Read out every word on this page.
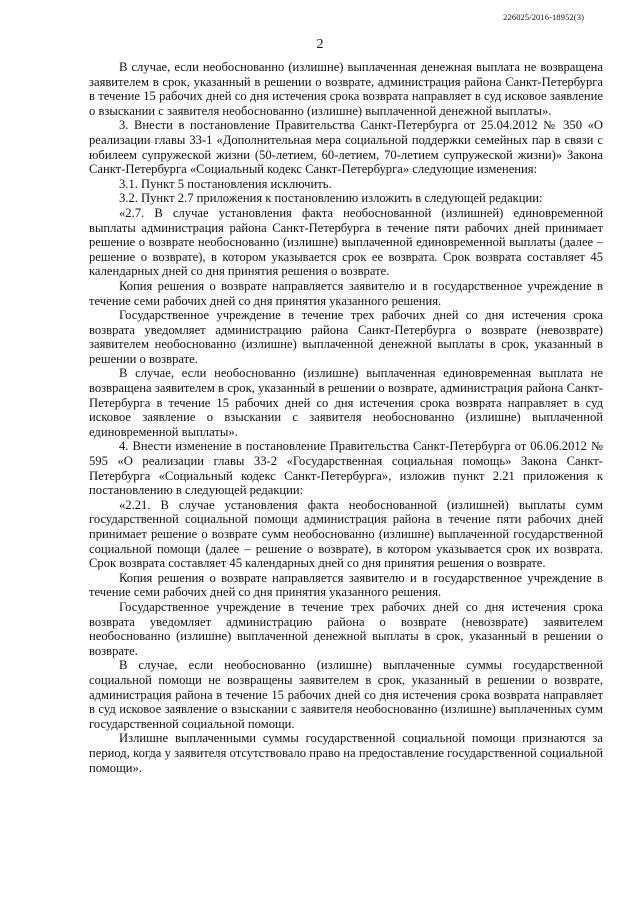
226025/2016-18952(3)
2

В случае, если необоснованно (излишне) выплаченная денежная выплата не возвращена заявителем в срок, указанный в решении о возврате, администрация района Санкт-Петербурга в течение 15 рабочих дней со дня истечения срока возврата направляет в суд исковое заявление о взыскании с заявителя необоснованно (излишне) выплаченной денежной выплаты».

3. Внести в постановление Правительства Санкт-Петербурга от 25.04.2012 № 350 «О реализации главы 33-1 «Дополнительная мера социальной поддержки семейных пар в связи с юбилеем супружеской жизни (50-летием, 60-летием, 70-летием супружеской жизни)» Закона Санкт-Петербурга «Социальный кодекс Санкт-Петербурга» следующие изменения:

3.1. Пункт 5 постановления исключить.

3.2. Пункт 2.7 приложения к постановлению изложить в следующей редакции:

«2.7. В случае установления факта необоснованной (излишней) единовременной выплаты администрация района Санкт-Петербурга в течение пяти рабочих дней принимает решение о возврате необоснованно (излишне) выплаченной единовременной выплаты (далее – решение о возврате), в котором указывается срок ее возврата. Срок возврата составляет 45 календарных дней со дня принятия решения о возврате.

Копия решения о возврате направляется заявителю и в государственное учреждение в течение семи рабочих дней со дня принятия указанного решения.

Государственное учреждение в течение трех рабочих дней со дня истечения срока возврата уведомляет администрацию района Санкт-Петербурга о возврате (невозврате) заявителем необоснованно (излишне) выплаченной денежной выплаты в срок, указанный в решении о возврате.

В случае, если необоснованно (излишне) выплаченная единовременная выплата не возвращена заявителем в срок, указанный в решении о возврате, администрация района Санкт-Петербурга в течение 15 рабочих дней со дня истечения срока возврата направляет в суд исковое заявление о взыскании с заявителя необоснованно (излишне) выплаченной единовременной выплаты».

4. Внести изменение в постановление Правительства Санкт-Петербурга от 06.06.2012 № 595 «О реализации главы 33-2 «Государственная социальная помощь» Закона Санкт-Петербурга «Социальный кодекс Санкт-Петербурга», изложив пункт 2.21 приложения к постановлению в следующей редакции:

«2.21. В случае установления факта необоснованной (излишней) выплаты сумм государственной социальной помощи администрация района в течение пяти рабочих дней принимает решение о возврате сумм необоснованно (излишне) выплаченной государственной социальной помощи (далее – решение о возврате), в котором указывается срок их возврата. Срок возврата составляет 45 календарных дней со дня принятия решения о возврате.

Копия решения о возврате направляется заявителю и в государственное учреждение в течение семи рабочих дней со дня принятия указанного решения.

Государственное учреждение в течение трех рабочих дней со дня истечения срока возврата уведомляет администрацию района о возврате (невозврате) заявителем необоснованно (излишне) выплаченной денежной выплаты в срок, указанный в решении о возврате.

В случае, если необоснованно (излишне) выплаченные суммы государственной социальной помощи не возвращены заявителем в срок, указанный в решении о возврате, администрация района в течение 15 рабочих дней со дня истечения срока возврата направляет в суд исковое заявление о взыскании с заявителя необоснованно (излишне) выплаченных сумм государственной социальной помощи.

Излишне выплаченными суммы государственной социальной помощи признаются за период, когда у заявителя отсутствовало право на предоставление государственной социальной помощи».
